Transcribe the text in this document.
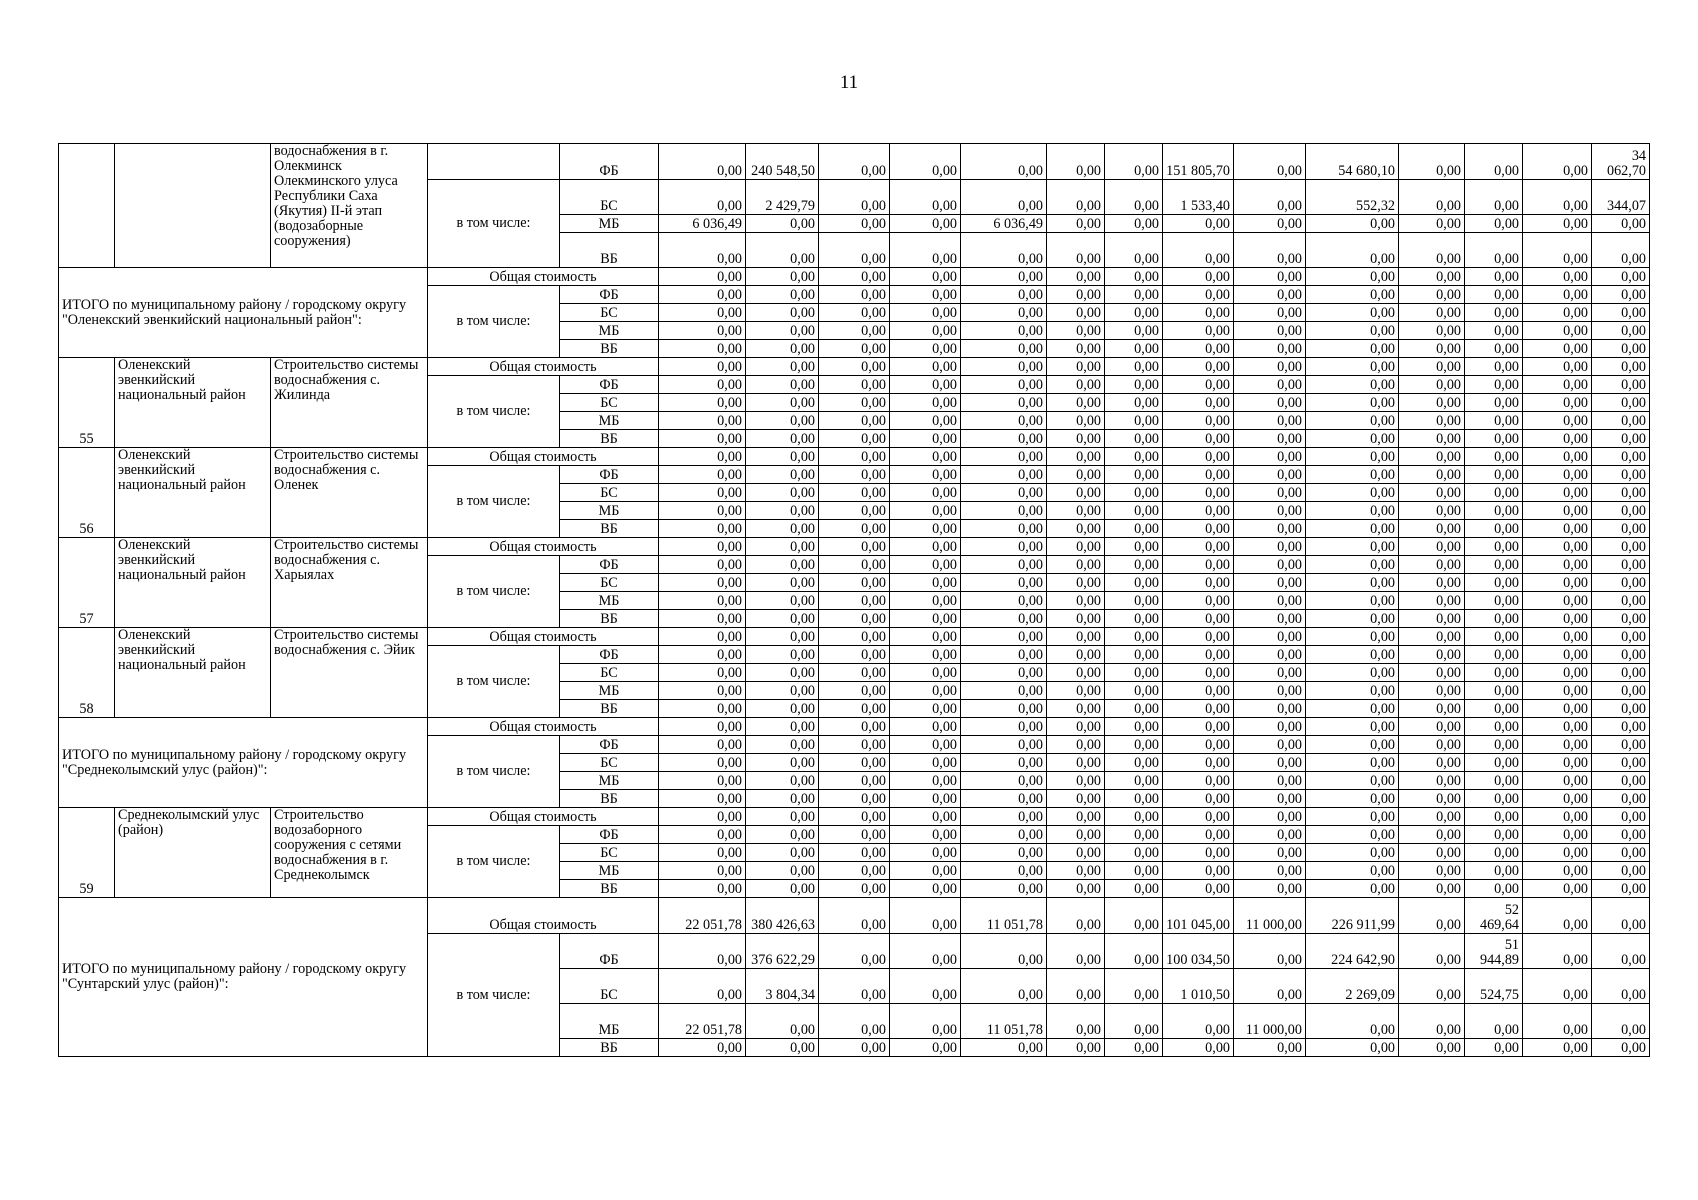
11
		водоснабжения в г. Олекминск Олекминского улуса Республики Саха (Якутия) II-й этап (водозаборные сооружения)		ФБ	0,00	240 548,50	0,00	0,00	0,00	0,00	0,00	151 805,70	0,00	54 680,10	0,00	0,00	0,00	34 062,70
			в том числе:	БС	0,00	2 429,79	0,00	0,00	0,00	0,00	0,00	1 533,40	0,00	552,32	0,00	0,00	0,00	344,07
				МБ	6 036,49	0,00	0,00	0,00	6 036,49	0,00	0,00	0,00	0,00	0,00	0,00	0,00	0,00	0,00
				ВБ	0,00	0,00	0,00	0,00	0,00	0,00	0,00	0,00	0,00	0,00	0,00	0,00	0,00	0,00
ИТОГО по муниципальному району / городскому округу "Оленекский эвенкийский национальный район":			Общая стоимость		0,00	0,00	0,00	0,00	0,00	0,00	0,00	0,00	0,00	0,00	0,00	0,00	0,00	0,00
			в том числе:	ФБ	0,00	0,00	0,00	0,00	0,00	0,00	0,00	0,00	0,00	0,00	0,00	0,00	0,00	0,00
				БС	0,00	0,00	0,00	0,00	0,00	0,00	0,00	0,00	0,00	0,00	0,00	0,00	0,00	0,00
				МБ	0,00	0,00	0,00	0,00	0,00	0,00	0,00	0,00	0,00	0,00	0,00	0,00	0,00	0,00
				ВБ	0,00	0,00	0,00	0,00	0,00	0,00	0,00	0,00	0,00	0,00	0,00	0,00	0,00	0,00
55	Оленекский эвенкийский национальный район	Строительство системы водоснабжения с. Жилинда	Общая стоимость		0,00	0,00	0,00	0,00	0,00	0,00	0,00	0,00	0,00	0,00	0,00	0,00	0,00	0,00
			в том числе:	ФБ	0,00	0,00	0,00	0,00	0,00	0,00	0,00	0,00	0,00	0,00	0,00	0,00	0,00	0,00
				БС	0,00	0,00	0,00	0,00	0,00	0,00	0,00	0,00	0,00	0,00	0,00	0,00	0,00	0,00
				МБ	0,00	0,00	0,00	0,00	0,00	0,00	0,00	0,00	0,00	0,00	0,00	0,00	0,00	0,00
				ВБ	0,00	0,00	0,00	0,00	0,00	0,00	0,00	0,00	0,00	0,00	0,00	0,00	0,00	0,00
56	Оленекский эвенкийский национальный район	Строительство системы водоснабжения с. Оленек	Общая стоимость		0,00	0,00	0,00	0,00	0,00	0,00	0,00	0,00	0,00	0,00	0,00	0,00	0,00	0,00
			в том числе:	ФБ	0,00	0,00	0,00	0,00	0,00	0,00	0,00	0,00	0,00	0,00	0,00	0,00	0,00	0,00
				БС	0,00	0,00	0,00	0,00	0,00	0,00	0,00	0,00	0,00	0,00	0,00	0,00	0,00	0,00
				МБ	0,00	0,00	0,00	0,00	0,00	0,00	0,00	0,00	0,00	0,00	0,00	0,00	0,00	0,00
				ВБ	0,00	0,00	0,00	0,00	0,00	0,00	0,00	0,00	0,00	0,00	0,00	0,00	0,00	0,00
57	Оленекский эвенкийский национальный район	Строительство системы водоснабжения с. Харыялах	Общая стоимость		0,00	0,00	0,00	0,00	0,00	0,00	0,00	0,00	0,00	0,00	0,00	0,00	0,00	0,00
			в том числе:	ФБ	0,00	0,00	0,00	0,00	0,00	0,00	0,00	0,00	0,00	0,00	0,00	0,00	0,00	0,00
				БС	0,00	0,00	0,00	0,00	0,00	0,00	0,00	0,00	0,00	0,00	0,00	0,00	0,00	0,00
				МБ	0,00	0,00	0,00	0,00	0,00	0,00	0,00	0,00	0,00	0,00	0,00	0,00	0,00	0,00
				ВБ	0,00	0,00	0,00	0,00	0,00	0,00	0,00	0,00	0,00	0,00	0,00	0,00	0,00	0,00
58	Оленекский эвенкийский национальный район	Строительство системы водоснабжения с. Эйик	Общая стоимость		0,00	0,00	0,00	0,00	0,00	0,00	0,00	0,00	0,00	0,00	0,00	0,00	0,00	0,00
			в том числе:	ФБ	0,00	0,00	0,00	0,00	0,00	0,00	0,00	0,00	0,00	0,00	0,00	0,00	0,00	0,00
				БС	0,00	0,00	0,00	0,00	0,00	0,00	0,00	0,00	0,00	0,00	0,00	0,00	0,00	0,00
				МБ	0,00	0,00	0,00	0,00	0,00	0,00	0,00	0,00	0,00	0,00	0,00	0,00	0,00	0,00
				ВБ	0,00	0,00	0,00	0,00	0,00	0,00	0,00	0,00	0,00	0,00	0,00	0,00	0,00	0,00
ИТОГО по муниципальному району / городскому округу "Среднеколымский улус (район)":			Общая стоимость		0,00	0,00	0,00	0,00	0,00	0,00	0,00	0,00	0,00	0,00	0,00	0,00	0,00	0,00
			в том числе:	ФБ	0,00	0,00	0,00	0,00	0,00	0,00	0,00	0,00	0,00	0,00	0,00	0,00	0,00	0,00
				БС	0,00	0,00	0,00	0,00	0,00	0,00	0,00	0,00	0,00	0,00	0,00	0,00	0,00	0,00
				МБ	0,00	0,00	0,00	0,00	0,00	0,00	0,00	0,00	0,00	0,00	0,00	0,00	0,00	0,00
				ВБ	0,00	0,00	0,00	0,00	0,00	0,00	0,00	0,00	0,00	0,00	0,00	0,00	0,00	0,00
59	Среднеколымский улус (район)	Строительство водозаборного сооружения с сетями водоснабжения в г. Среднеколымск	Общая стоимость		0,00	0,00	0,00	0,00	0,00	0,00	0,00	0,00	0,00	0,00	0,00	0,00	0,00	0,00
			в том числе:	ФБ	0,00	0,00	0,00	0,00	0,00	0,00	0,00	0,00	0,00	0,00	0,00	0,00	0,00	0,00
				БС	0,00	0,00	0,00	0,00	0,00	0,00	0,00	0,00	0,00	0,00	0,00	0,00	0,00	0,00
				МБ	0,00	0,00	0,00	0,00	0,00	0,00	0,00	0,00	0,00	0,00	0,00	0,00	0,00	0,00
				ВБ	0,00	0,00	0,00	0,00	0,00	0,00	0,00	0,00	0,00	0,00	0,00	0,00	0,00	0,00
ИТОГО по муниципальному району / городскому округу "Сунтарский улус (район)":			Общая стоимость		22 051,78	380 426,63	0,00	0,00	11 051,78	0,00	0,00	101 045,00	11 000,00	226 911,99	0,00	52 469,64	0,00	0,00
			в том числе:	ФБ	0,00	376 622,29	0,00	0,00	0,00	0,00	0,00	100 034,50	0,00	224 642,90	0,00	51 944,89	0,00	0,00
				БС	0,00	3 804,34	0,00	0,00	0,00	0,00	0,00	1 010,50	0,00	2 269,09	0,00	524,75	0,00	0,00
				МБ	22 051,78	0,00	0,00	0,00	11 051,78	0,00	0,00	0,00	11 000,00	0,00	0,00	0,00	0,00	0,00
				ВБ	0,00	0,00	0,00	0,00	0,00	0,00	0,00	0,00	0,00	0,00	0,00	0,00	0,00	0,00
